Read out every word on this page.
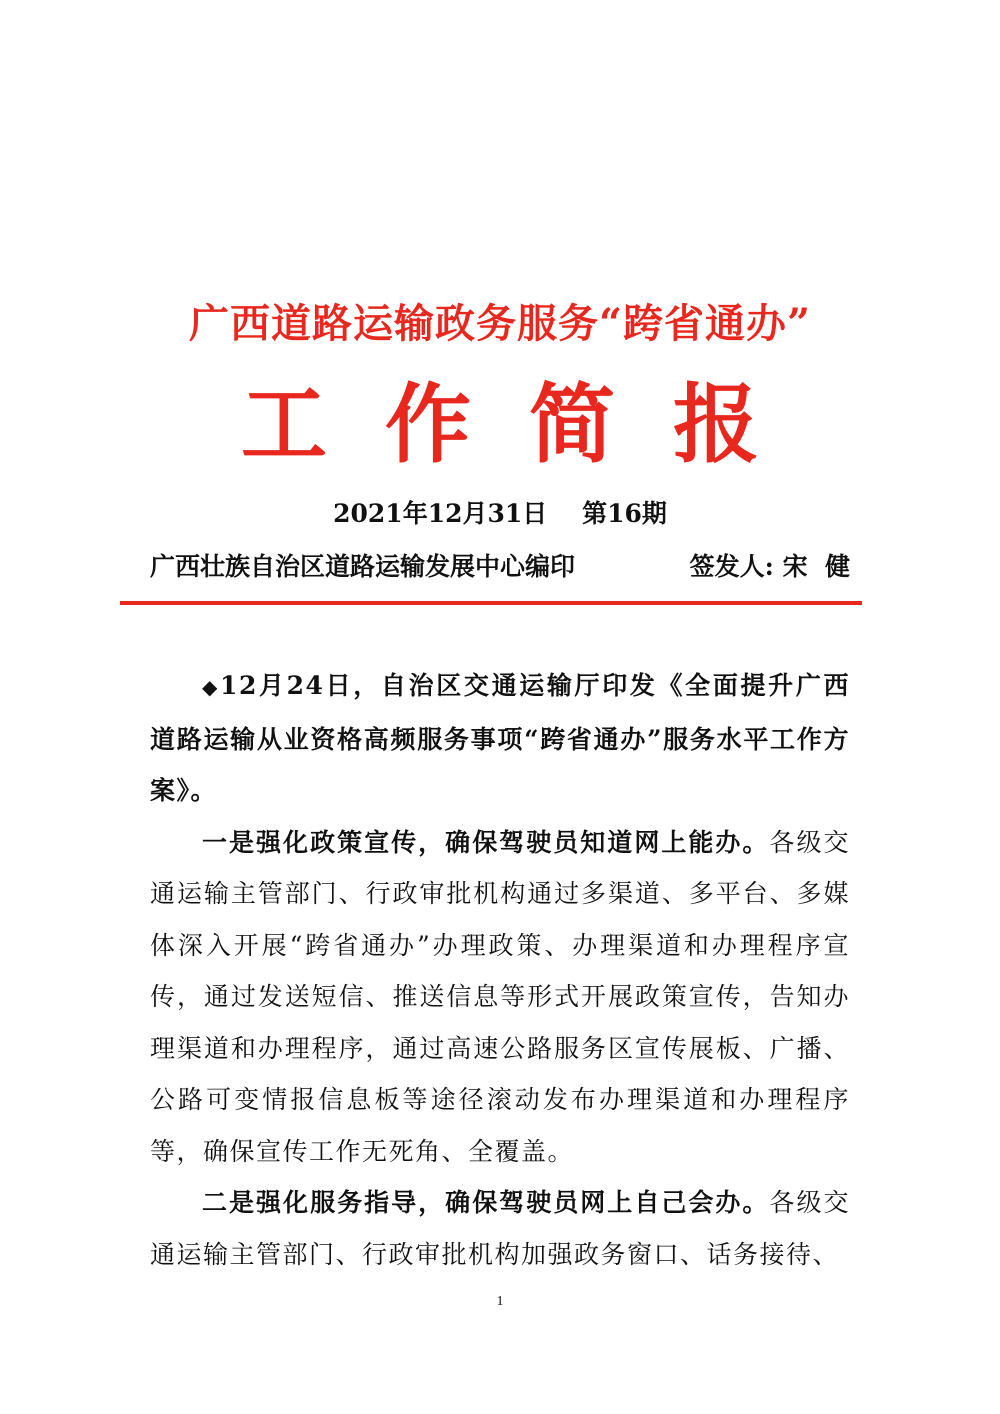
广西道路运输政务服务“跨省通办”
工作简报
2021年12月31日    第16期
广西壮族自治区道路运输发展中心编印	签发人: 宋  健

◆12月24日，自治区交通运输厅印发《全面提升广西道路运输从业资格高频服务事项“跨省通办”服务水平工作方案》。

一是强化政策宣传，确保驾驶员知道网上能办。各级交通运输主管部门、行政审批机构通过多渠道、多平台、多媒体深入开展“跨省通办”办理政策、办理渠道和办理程序宣传，通过发送短信、推送信息等形式开展政策宣传，告知办理渠道和办理程序，通过高速公路服务区宣传展板、广播、公路可变情报信息板等途径滚动发布办理渠道和办理程序等，确保宣传工作无死角、全覆盖。

二是强化服务指导，确保驾驶员网上自己会办。各级交通运输主管部门、行政审批机构加强政务窗口、话务接待、

1
